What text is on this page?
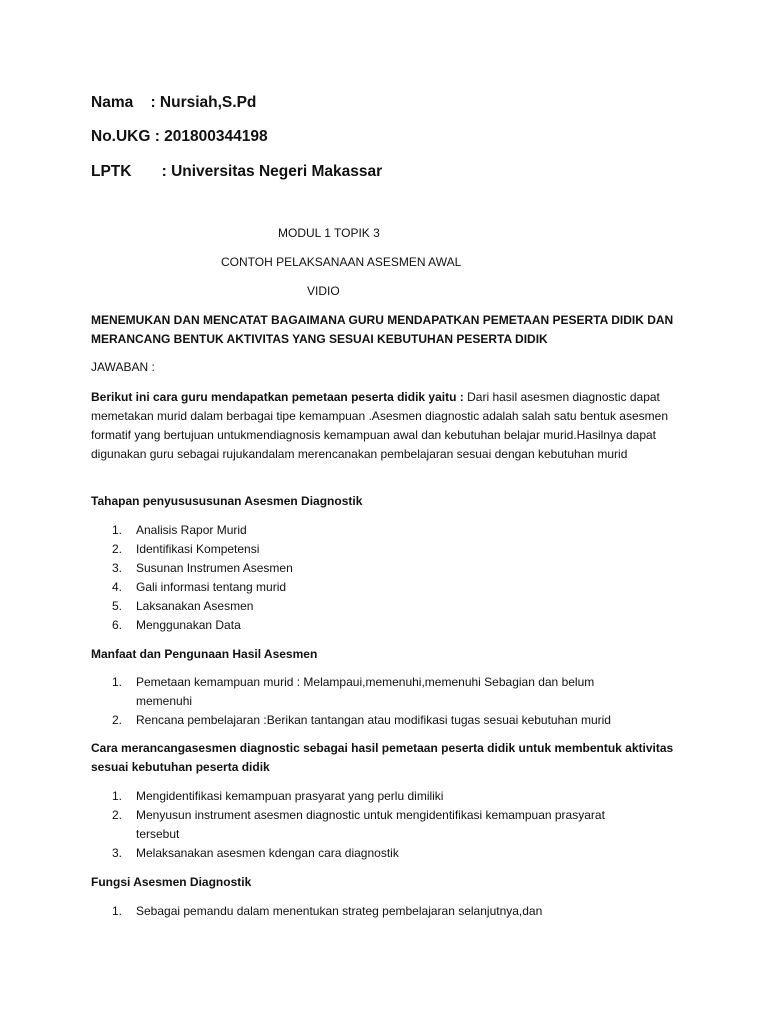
Nama    : Nursiah,S.Pd
No.UKG : 201800344198
LPTK       : Universitas Negeri Makassar
MODUL 1 TOPIK 3
CONTOH PELAKSANAAN ASESMEN AWAL
VIDIO
MENEMUKAN DAN MENCATAT BAGAIMANA GURU MENDAPATKAN PEMETAAN PESERTA DIDIK DAN MERANCANG BENTUK AKTIVITAS YANG SESUAI KEBUTUHAN PESERTA DIDIK
JAWABAN :
Berikut ini cara guru mendapatkan pemetaan peserta didik yaitu : Dari hasil asesmen diagnostic dapat memetakan murid dalam berbagai tipe kemampuan .Asesmen diagnostic adalah salah satu bentuk asesmen formatif yang bertujuan untukmendiagnosis kemampuan awal dan kebutuhan belajar murid.Hasilnya dapat digunakan guru sebagai rujukandalam merencanakan pembelajaran sesuai dengan kebutuhan murid
Tahapan penyusususunan Asesmen Diagnostik
1.	Analisis Rapor Murid
2.	Identifikasi Kompetensi
3.	Susunan Instrumen Asesmen
4.	Gali informasi tentang murid
5.	Laksanakan Asesmen
6.	Menggunakan Data
Manfaat dan Pengunaan Hasil Asesmen
1.	Pemetaan kemampuan murid : Melampaui,memenuhi,memenuhi Sebagian dan belum memenuhi
2.	Rencana pembelajaran :Berikan tantangan atau modifikasi tugas sesuai kebutuhan murid
Cara merancangasesmen diagnostic sebagai hasil pemetaan peserta didik untuk membentuk aktivitas sesuai kebutuhan peserta didik
1.	Mengidentifikasi kemampuan prasyarat yang perlu dimiliki
2.	Menyusun instrument asesmen diagnostic untuk mengidentifikasi kemampuan prasyarat tersebut
3.	Melaksanakan asesmen kdengan cara diagnostik
Fungsi Asesmen Diagnostik
1.	Sebagai pemandu dalam menentukan strateg pembelajaran selanjutnya,dan
